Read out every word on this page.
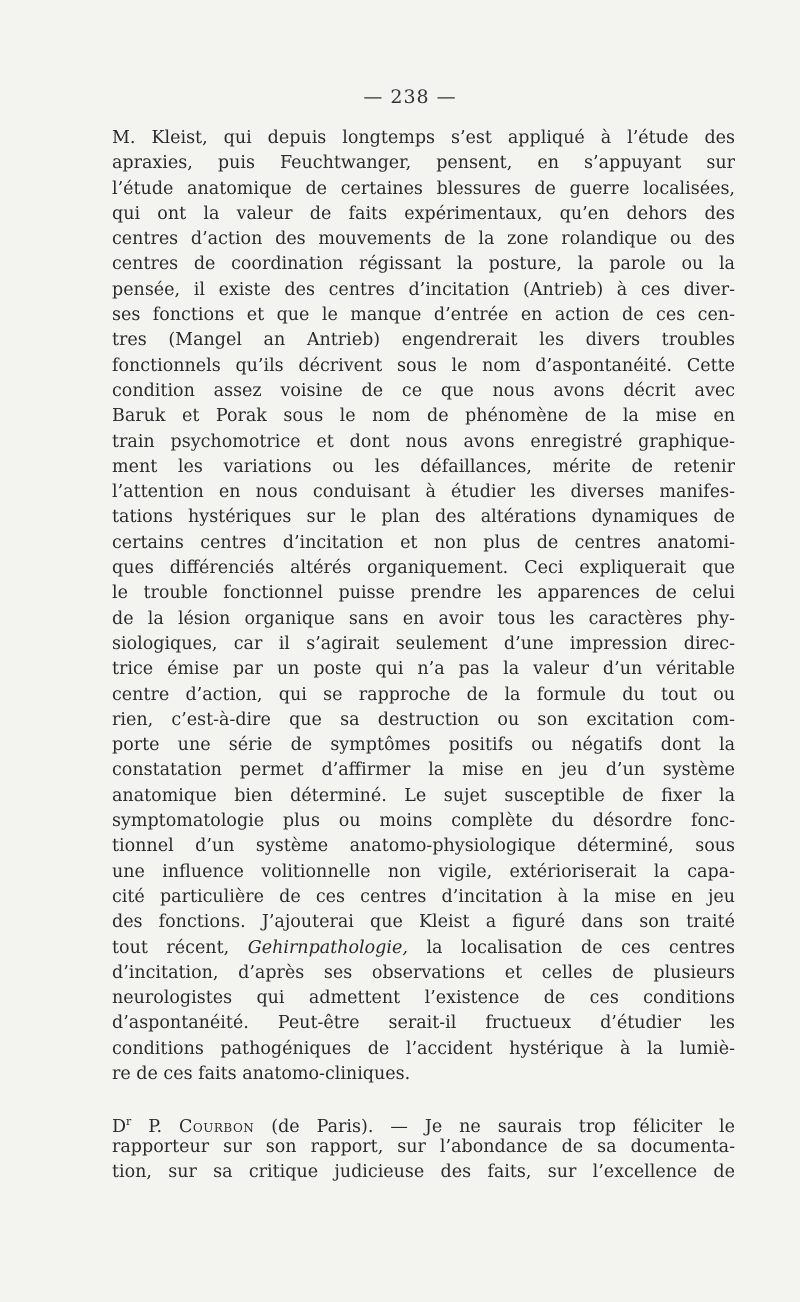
— 238 —
M. Kleist, qui depuis longtemps s’est appliqué à l’étude des
apraxies, puis Feuchtwanger, pensent, en s’appuyant sur
l’étude anatomique de certaines blessures de guerre localisées,
qui ont la valeur de faits expérimentaux, qu’en dehors des
centres d’action des mouvements de la zone rolandique ou des
centres de coordination régissant la posture, la parole ou la
pensée, il existe des centres d’incitation (Antrieb) à ces diver-
ses fonctions et que le manque d’entrée en action de ces cen-
tres (Mangel an Antrieb) engendrerait les divers troubles
fonctionnels qu’ils décrivent sous le nom d’aspontanéité. Cette
condition assez voisine de ce que nous avons décrit avec
Baruk et Porak sous le nom de phénomène de la mise en
train psychomotrice et dont nous avons enregistré graphique-
ment les variations ou les défaillances, mérite de retenir
l’attention en nous conduisant à étudier les diverses manifes-
tations hystériques sur le plan des altérations dynamiques de
certains centres d’incitation et non plus de centres anatomi-
ques différenciés altérés organiquement. Ceci expliquerait que
le trouble fonctionnel puisse prendre les apparences de celui
de la lésion organique sans en avoir tous les caractères phy-
siologiques, car il s’agirait seulement d’une impression direc-
trice émise par un poste qui n’a pas la valeur d’un véritable
centre d’action, qui se rapproche de la formule du tout ou
rien, c’est-à-dire que sa destruction ou son excitation com-
porte une série de symptômes positifs ou négatifs dont la
constatation permet d’affirmer la mise en jeu d’un système
anatomique bien déterminé. Le sujet susceptible de fixer la
symptomatologie plus ou moins complète du désordre fonc-
tionnel d’un système anatomo-physiologique déterminé, sous
une influence volitionnelle non vigile, extérioriserait la capa-
cité particulière de ces centres d’incitation à la mise en jeu
des fonctions. J’ajouterai que Kleist a figuré dans son traité
tout récent, Gehirnpathologie, la localisation de ces centres
d’incitation, d’après ses observations et celles de plusieurs
neurologistes qui admettent l’existence de ces conditions
d’aspontanéité. Peut-être serait-il fructueux d’étudier les
conditions pathogéniques de l’accident hystérique à la lumiè-
re de ces faits anatomo-cliniques.
$D^r$ P. Courbon (de Paris). — Je ne saurais trop féliciter le
rapporteur sur son rapport, sur l’abondance de sa documenta-
tion, sur sa critique judicieuse des faits, sur l’excellence de
